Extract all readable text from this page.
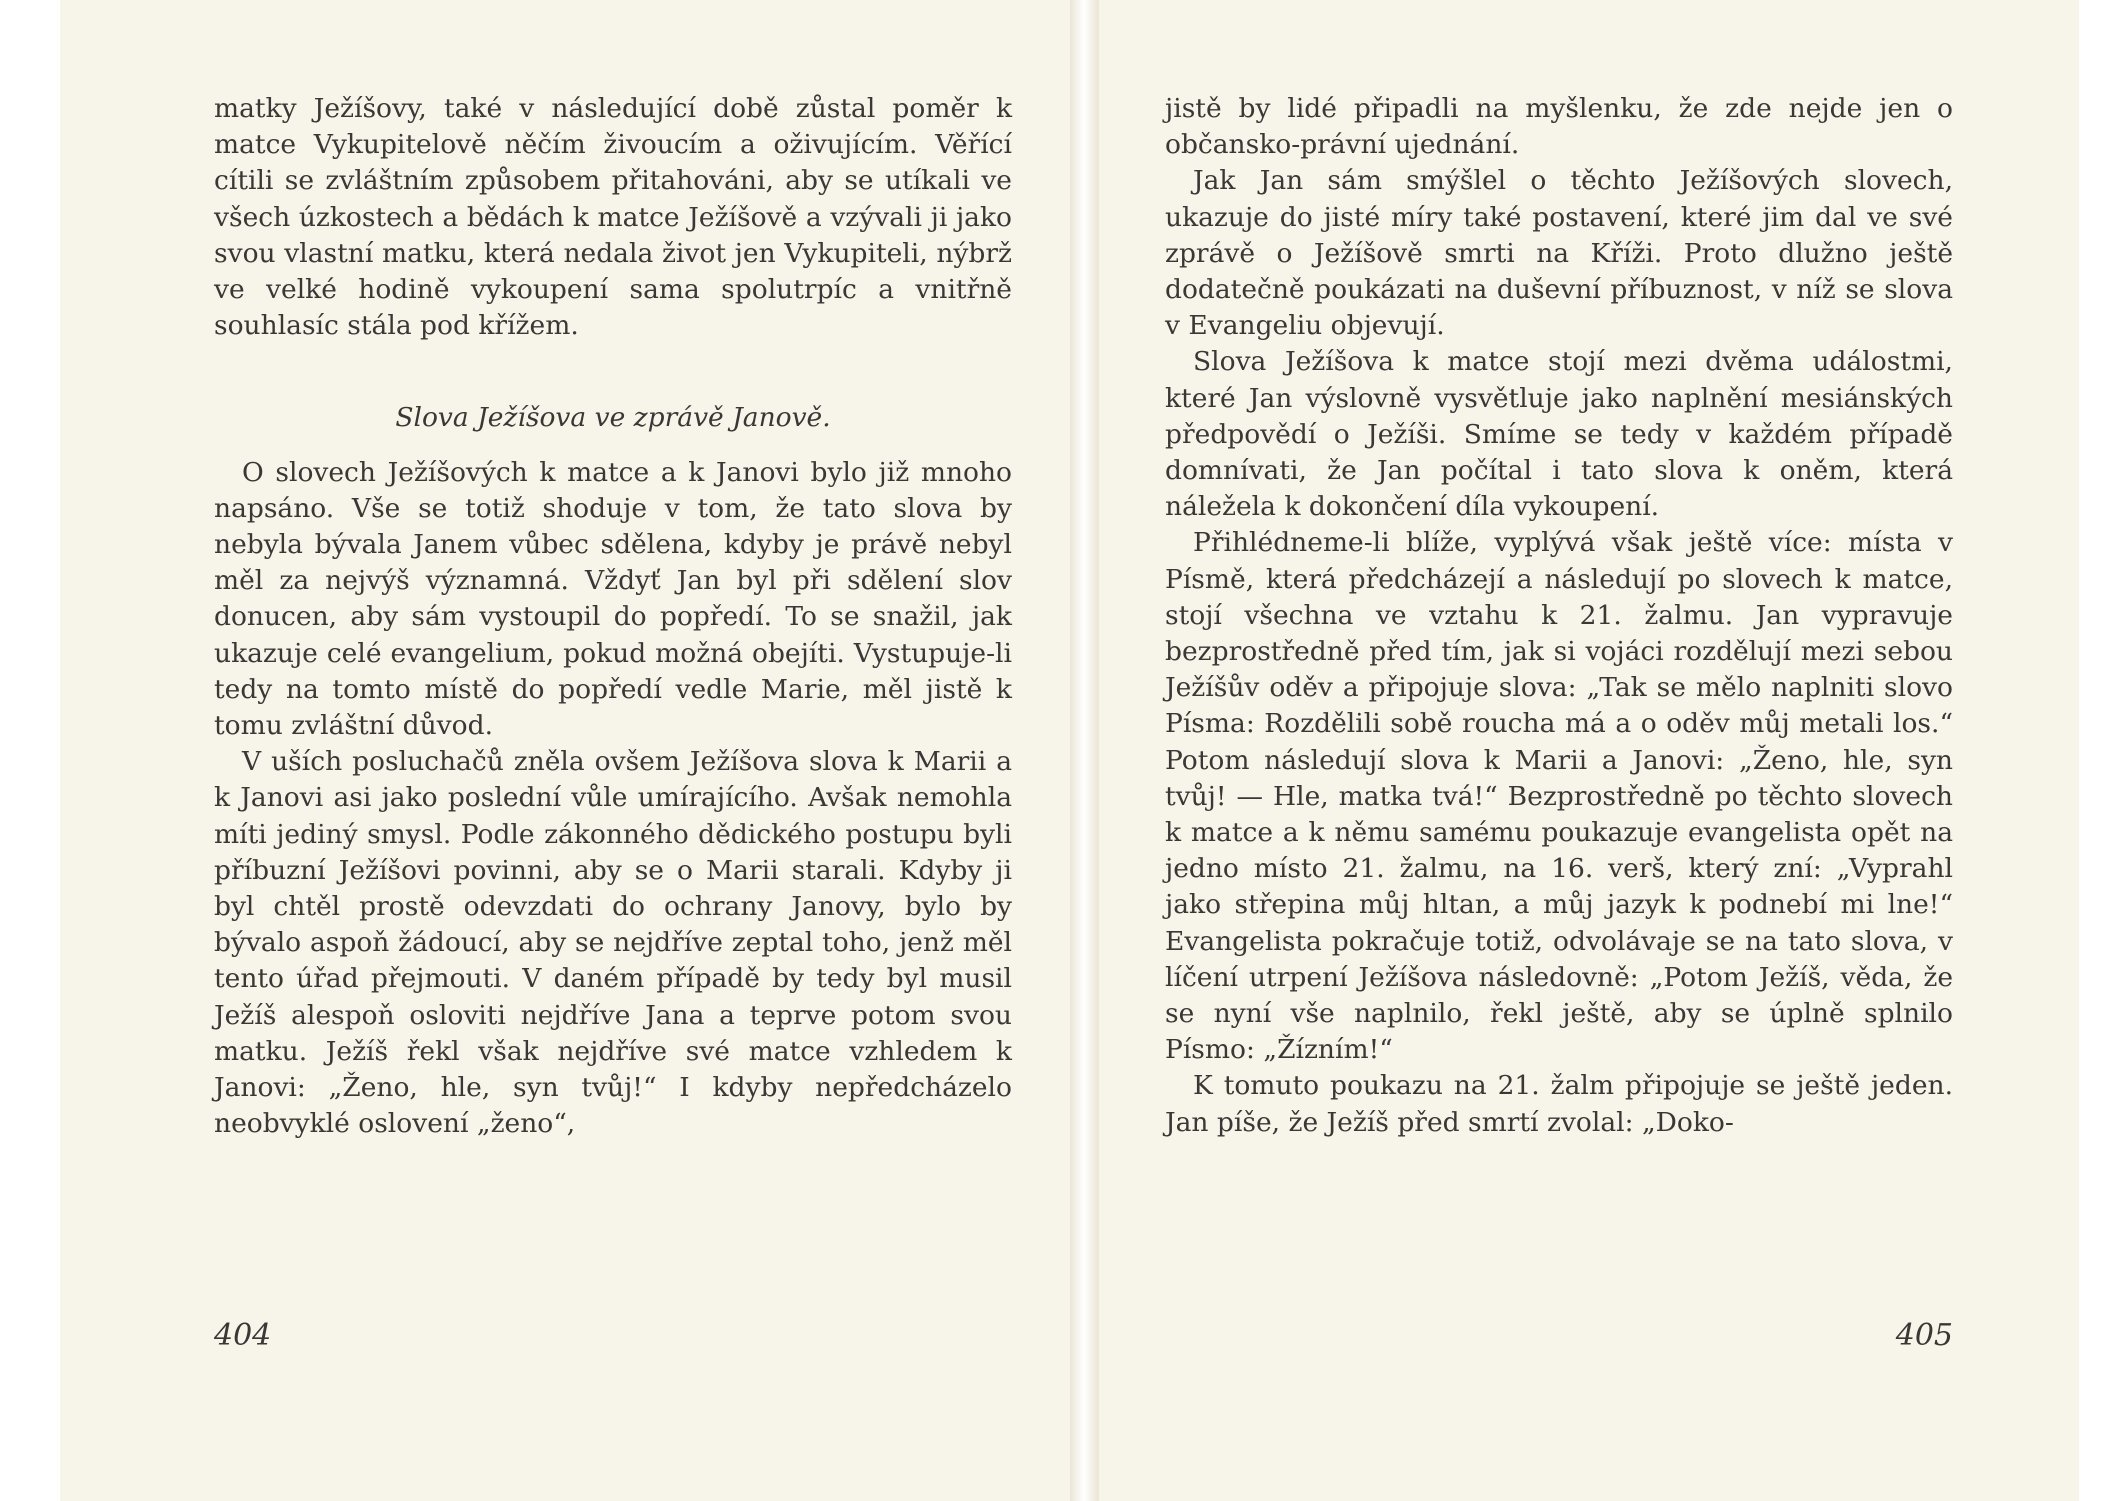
matky Ježíšovy, také v následující době zůstal poměr k matce Vykupitelově něčím živoucím a oživujícím. Věřící cítili se zvláštním způsobem přitahováni, aby se utíkali ve všech úzkostech a bědách k matce Ježíšově a vzývali ji jako svou vlastní matku, která nedala život jen Vykupiteli, nýbrž ve velké hodině vykoupení sama spolutrpíc a vnitřně souhlasíc stála pod křížem.

Slova Ježíšova ve zprávě Janově.

O slovech Ježíšových k matce a k Janovi bylo již mnoho napsáno. Vše se totiž shoduje v tom, že tato slova by nebyla bývala Janem vůbec sdělena, kdyby je právě nebyl měl za nejvýš významná. Vždyť Jan byl při sdělení slov donucen, aby sám vystoupil do popředí. To se snažil, jak ukazuje celé evangelium, pokud možná obejíti. Vystupuje-li tedy na tomto místě do popředí vedle Marie, měl jistě k tomu zvláštní důvod.

V uších posluchačů zněla ovšem Ježíšova slova k Marii a k Janovi asi jako poslední vůle umírajícího. Avšak nemohla míti jediný smysl. Podle zákonného dědického postupu byli příbuzní Ježíšovi povinni, aby se o Marii starali. Kdyby ji byl chtěl prostě odevzdati do ochrany Janovy, bylo by bývalo aspoň žádoucí, aby se nejdříve zeptal toho, jenž měl tento úřad přejmouti. V daném případě by tedy byl musil Ježíš alespoň osloviti nejdříve Jana a teprve potom svou matku. Ježíš řekl však nejdříve své matce vzhledem k Janovi: „Ženo, hle, syn tvůj!“ I kdyby nepředcházelo neobvyklé oslovení „ženo“,

404

jistě by lidé připadli na myšlenku, že zde nejde jen o občansko-právní ujednání.

Jak Jan sám smýšlel o těchto Ježíšových slovech, ukazuje do jisté míry také postavení, které jim dal ve své zprávě o Ježíšově smrti na Kříži. Proto dlužno ještě dodatečně poukázati na duševní příbuznost, v níž se slova v Evangeliu objevují.

Slova Ježíšova k matce stojí mezi dvěma událostmi, které Jan výslovně vysvětluje jako naplnění mesiánských předpovědí o Ježíši. Smíme se tedy v každém případě domnívati, že Jan počítal i tato slova k oněm, která náležela k dokončení díla vykoupení.

Přihlédneme-li blíže, vyplývá však ještě více: místa v Písmě, která předcházejí a následují po slovech k matce, stojí všechna ve vztahu k 21. žalmu. Jan vypravuje bezprostředně před tím, jak si vojáci rozdělují mezi sebou Ježíšův oděv a připojuje slova: „Tak se mělo naplniti slovo Písma: Rozdělili sobě roucha má a o oděv můj metali los.“ Potom následují slova k Marii a Janovi: „Ženo, hle, syn tvůj! — Hle, matka tvá!“ Bezprostředně po těchto slovech k matce a k němu samému poukazuje evangelista opět na jedno místo 21. žalmu, na 16. verš, který zní: „Vyprahl jako střepina můj hltan, a můj jazyk k podnebí mi lne!“ Evangelista pokračuje totiž, odvolávaje se na tato slova, v líčení utrpení Ježíšova následovně: „Potom Ježíš, věda, že se nyní vše naplnilo, řekl ještě, aby se úplně splnilo Písmo: „Žízním!“

K tomuto poukazu na 21. žalm připojuje se ještě jeden. Jan píše, že Ježíš před smrtí zvolal: „Doko-

405
